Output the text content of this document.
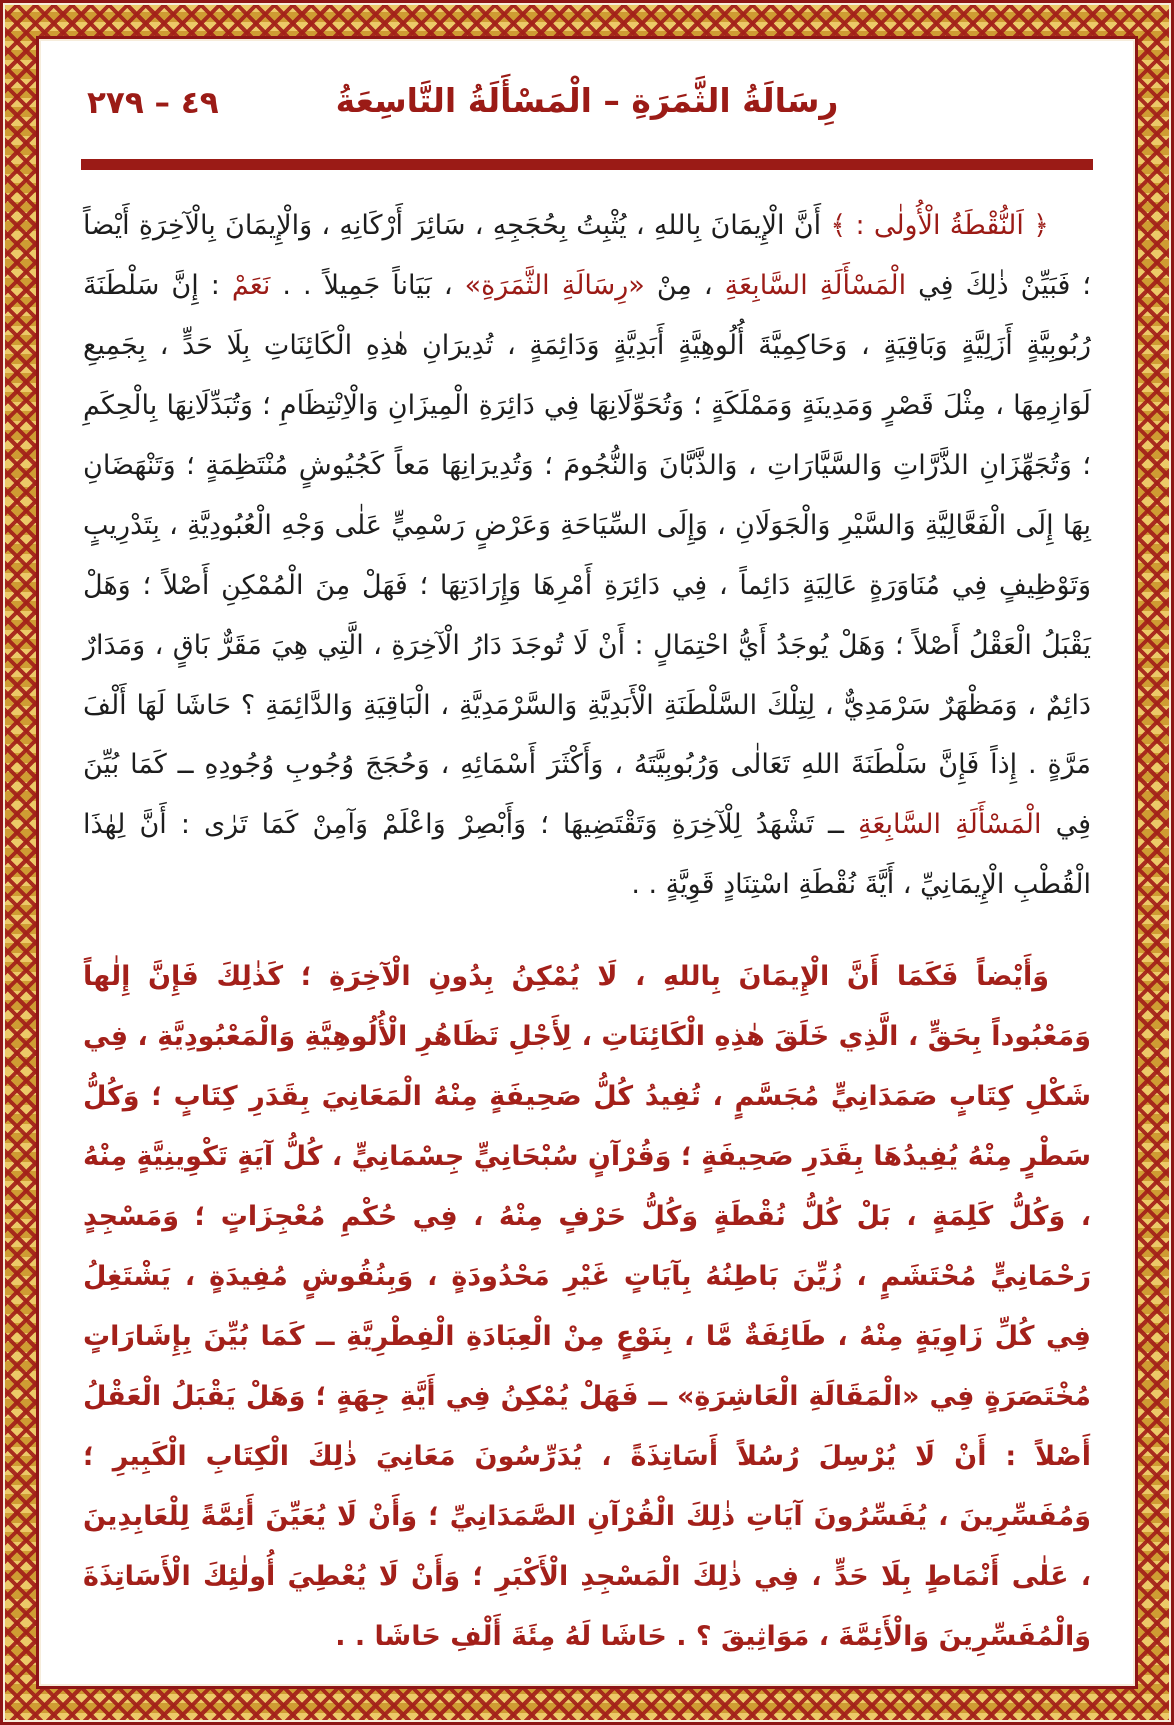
رِسَالَةُ الثَّمَرَةِ – الْمَسْأَلَةُ التَّاسِعَةُ
٤٩ – ٢٧٩

﴿ اَلنُّقْطَةُ الْأُولٰى : ﴾ أَنَّ الْإِيمَانَ بِاللهِ ، يُثْبِتُ بِحُجَجِهِ ، سَائِرَ أَرْكَانِهِ ، وَالْإِيمَانَ بِالْآخِرَةِ أَيْضاً ؛ فَبَيِّنْ ذٰلِكَ فِي الْمَسْأَلَةِ السَّابِعَةِ ، مِنْ «رِسَالَةِ الثَّمَرَةِ» ، بَيَاناً جَمِيلاً . . نَعَمْ : إِنَّ سَلْطَنَةَ رُبُوبِيَّةٍ أَزَلِيَّةٍ وَبَاقِيَةٍ ، وَحَاكِمِيَّةَ أُلُوهِيَّةٍ أَبَدِيَّةٍ وَدَائِمَةٍ ، تُدِيرَانِ هٰذِهِ الْكَائِنَاتِ بِلَا حَدٍّ ، بِجَمِيعِ لَوَازِمِهَا ، مِثْلَ قَصْرٍ وَمَدِينَةٍ وَمَمْلَكَةٍ ؛ وَتُحَوِّلَانِهَا فِي دَائِرَةِ الْمِيزَانِ وَالْاِنْتِظَامِ ؛ وَتُبَدِّلَانِهَا بِالْحِكَمِ ؛ وَتُجَهِّزَانِ الذَّرَّاتِ وَالسَّيَّارَاتِ ، وَالذَّبَّانَ وَالنُّجُومَ ؛ وَتُدِيرَانِهَا مَعاً كَجُيُوشٍ مُنْتَظِمَةٍ ؛ وَتَنْهَضَانِ بِهَا إِلَى الْفَعَّالِيَّةِ وَالسَّيْرِ وَالْجَوَلَانِ ، وَإِلَى السِّيَاحَةِ وَعَرْضٍ رَسْمِيٍّ عَلٰى وَجْهِ الْعُبُودِيَّةِ ، بِتَدْرِيبٍ وَتَوْظِيفٍ فِي مُنَاوَرَةٍ عَالِيَةٍ دَائِماً ، فِي دَائِرَةِ أَمْرِهَا وَإِرَادَتِهَا ؛ فَهَلْ مِنَ الْمُمْكِنِ أَصْلاً ؛ وَهَلْ يَقْبَلُ الْعَقْلُ أَصْلاً ؛ وَهَلْ يُوجَدُ أَيُّ احْتِمَالٍ : أَنْ لَا تُوجَدَ دَارُ الْآخِرَةِ ، الَّتِي هِيَ مَقَرٌّ بَاقٍ ، وَمَدَارٌ دَائِمٌ ، وَمَظْهَرٌ سَرْمَدِيٌّ ، لِتِلْكَ السَّلْطَنَةِ الْأَبَدِيَّةِ وَالسَّرْمَدِيَّةِ ، الْبَاقِيَةِ وَالدَّائِمَةِ ؟ حَاشَا لَهَا أَلْفَ مَرَّةٍ . إِذاً فَإِنَّ سَلْطَنَةَ اللهِ تَعَالٰى وَرُبُوبِيَّتَهُ ، وَأَكْثَرَ أَسْمَائِهِ ، وَحُجَجَ وُجُوبِ وُجُودِهِ ــ كَمَا بُيِّنَ فِي الْمَسْأَلَةِ السَّابِعَةِ ــ تَشْهَدُ لِلْآخِرَةِ وَتَقْتَضِيهَا ؛ وَأَبْصِرْ وَاعْلَمْ وَآمِنْ كَمَا تَرٰى : أَنَّ لِهٰذَا الْقُطْبِ الْإِيمَانِيِّ ، أَيَّةَ نُقْطَةِ اسْتِنَادٍ قَوِيَّةٍ . .

وَأَيْضاً فَكَمَا أَنَّ الْإِيمَانَ بِاللهِ ، لَا يُمْكِنُ بِدُونِ الْآخِرَةِ ؛ كَذٰلِكَ فَإِنَّ إِلٰهاً وَمَعْبُوداً بِحَقٍّ ، الَّذِي خَلَقَ هٰذِهِ الْكَائِنَاتِ ، لِأَجْلِ تَظَاهُرِ الْأُلُوهِيَّةِ وَالْمَعْبُودِيَّةِ ، فِي شَكْلِ كِتَابٍ صَمَدَانِيٍّ مُجَسَّمٍ ، تُفِيدُ كُلُّ صَحِيفَةٍ مِنْهُ الْمَعَانِيَ بِقَدَرِ كِتَابٍ ؛ وَكُلُّ سَطْرٍ مِنْهُ يُفِيدُهَا بِقَدَرِ صَحِيفَةٍ ؛ وَقُرْآنٍ سُبْحَانِيٍّ جِسْمَانِيٍّ ، كُلُّ آيَةٍ تَكْوِينِيَّةٍ مِنْهُ ، وَكُلُّ كَلِمَةٍ ، بَلْ كُلُّ نُقْطَةٍ وَكُلُّ حَرْفٍ مِنْهُ ، فِي حُكْمِ مُعْجِزَاتٍ ؛ وَمَسْجِدٍ رَحْمَانِيٍّ مُحْتَشَمٍ ، زُيِّنَ بَاطِنُهُ بِآيَاتٍ غَيْرِ مَحْدُودَةٍ ، وَبِنُقُوشٍ مُفِيدَةٍ ، يَشْتَغِلُ فِي كُلِّ زَاوِيَةٍ مِنْهُ ، طَائِفَةٌ مَّا ، بِنَوْعٍ مِنْ الْعِبَادَةِ الْفِطْرِيَّةِ ــ كَمَا بُيِّنَ بِإِشَارَاتٍ مُخْتَصَرَةٍ فِي «الْمَقَالَةِ الْعَاشِرَةِ» ــ فَهَلْ يُمْكِنُ فِي أَيَّةِ جِهَةٍ ؛ وَهَلْ يَقْبَلُ الْعَقْلُ أَصْلاً : أَنْ لَا يُرْسِلَ رُسُلاً أَسَاتِذَةً ، يُدَرِّسُونَ مَعَانِيَ ذٰلِكَ الْكِتَابِ الْكَبِيرِ ؛ وَمُفَسِّرِينَ ، يُفَسِّرُونَ آيَاتِ ذٰلِكَ الْقُرْآنِ الصَّمَدَانِيِّ ؛ وَأَنْ لَا يُعَيِّنَ أَئِمَّةً لِلْعَابِدِينَ ، عَلٰى أَنْمَاطٍ بِلَا حَدٍّ ، فِي ذٰلِكَ الْمَسْجِدِ الْأَكْبَرِ ؛ وَأَنْ لَا يُعْطِيَ أُولٰئِكَ الْأَسَاتِذَةَ وَالْمُفَسِّرِينَ وَالْأَئِمَّةَ ، مَوَاثِيقَ ؟ . حَاشَا لَهُ مِئَةَ أَلْفِ حَاشَا . .
